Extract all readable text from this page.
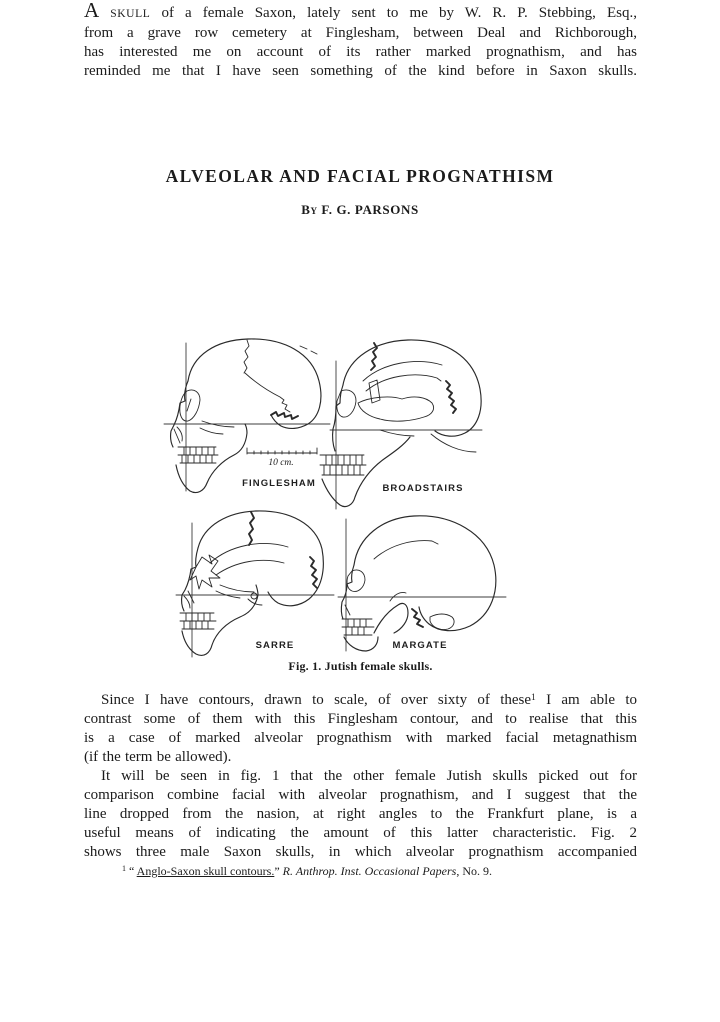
ALVEOLAR AND FACIAL PROGNATHISM
By F. G. PARSONS
A SKULL of a female Saxon, lately sent to me by W. R. P. Stebbing, Esq.,
from a grave row cemetery at Finglesham, between Deal and Richborough,
has interested me on account of its rather marked prognathism, and has
reminded me that I have seen something of the kind before in Saxon skulls.
10 cm.
FINGLESHAM	BROADSTAIRS
SARRE	MARGATE
Fig. 1. Jutish female skulls.
Since I have contours, drawn to scale, of over sixty of these$^1$ I am able to
contrast some of them with this Finglesham contour, and to realise that this
is a case of marked alveolar prognathism with marked facial metagnathism
(if the term be allowed).
It will be seen in fig. 1 that the other female Jutish skulls picked out for
comparison combine facial with alveolar prognathism, and I suggest that the
line dropped from the nasion, at right angles to the Frankfurt plane, is a
useful means of indicating the amount of this latter characteristic. Fig. 2
shows three male Saxon skulls, in which alveolar prognathism accompanied
$^1$ “ Anglo-Saxon skull contours.” R. Anthrop. Inst. Occasional Papers, No. 9.
